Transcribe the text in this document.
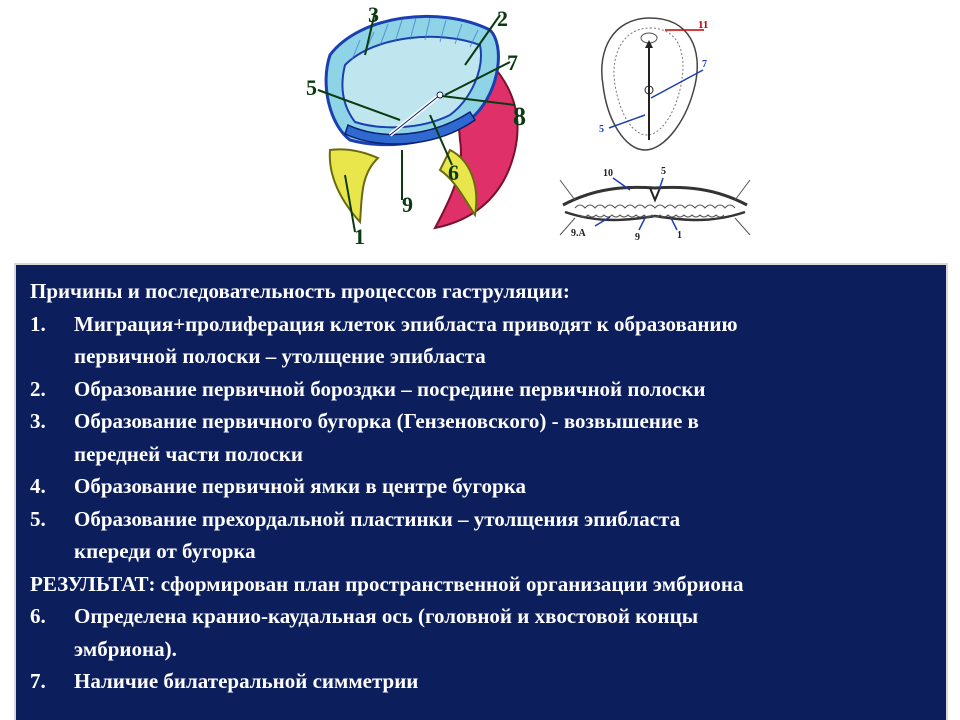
3	2
7
8
5
6
9
1
11
7
5
10	5
9.A	9	1
Причины и последовательность процессов гаструляции:
1.	Миграция+пролиферация клеток эпибласта приводят к образованию
первичной полоски – утолщение эпибласта
2.	Образование первичной бороздки – посредине первичной полоски
3.	Образование первичного бугорка (Гензеновского) - возвышение в
передней части полоски
4.	Образование первичной ямки в центре бугорка
5.	Образование прехордальной пластинки – утолщения эпибласта
кпереди от бугорка
РЕЗУЛЬТАТ: сформирован план пространственной организации эмбриона
6.	Определена кранио-каудальная ось (головной и хвостовой концы
эмбриона).
7.	Наличие билатеральной симметрии
